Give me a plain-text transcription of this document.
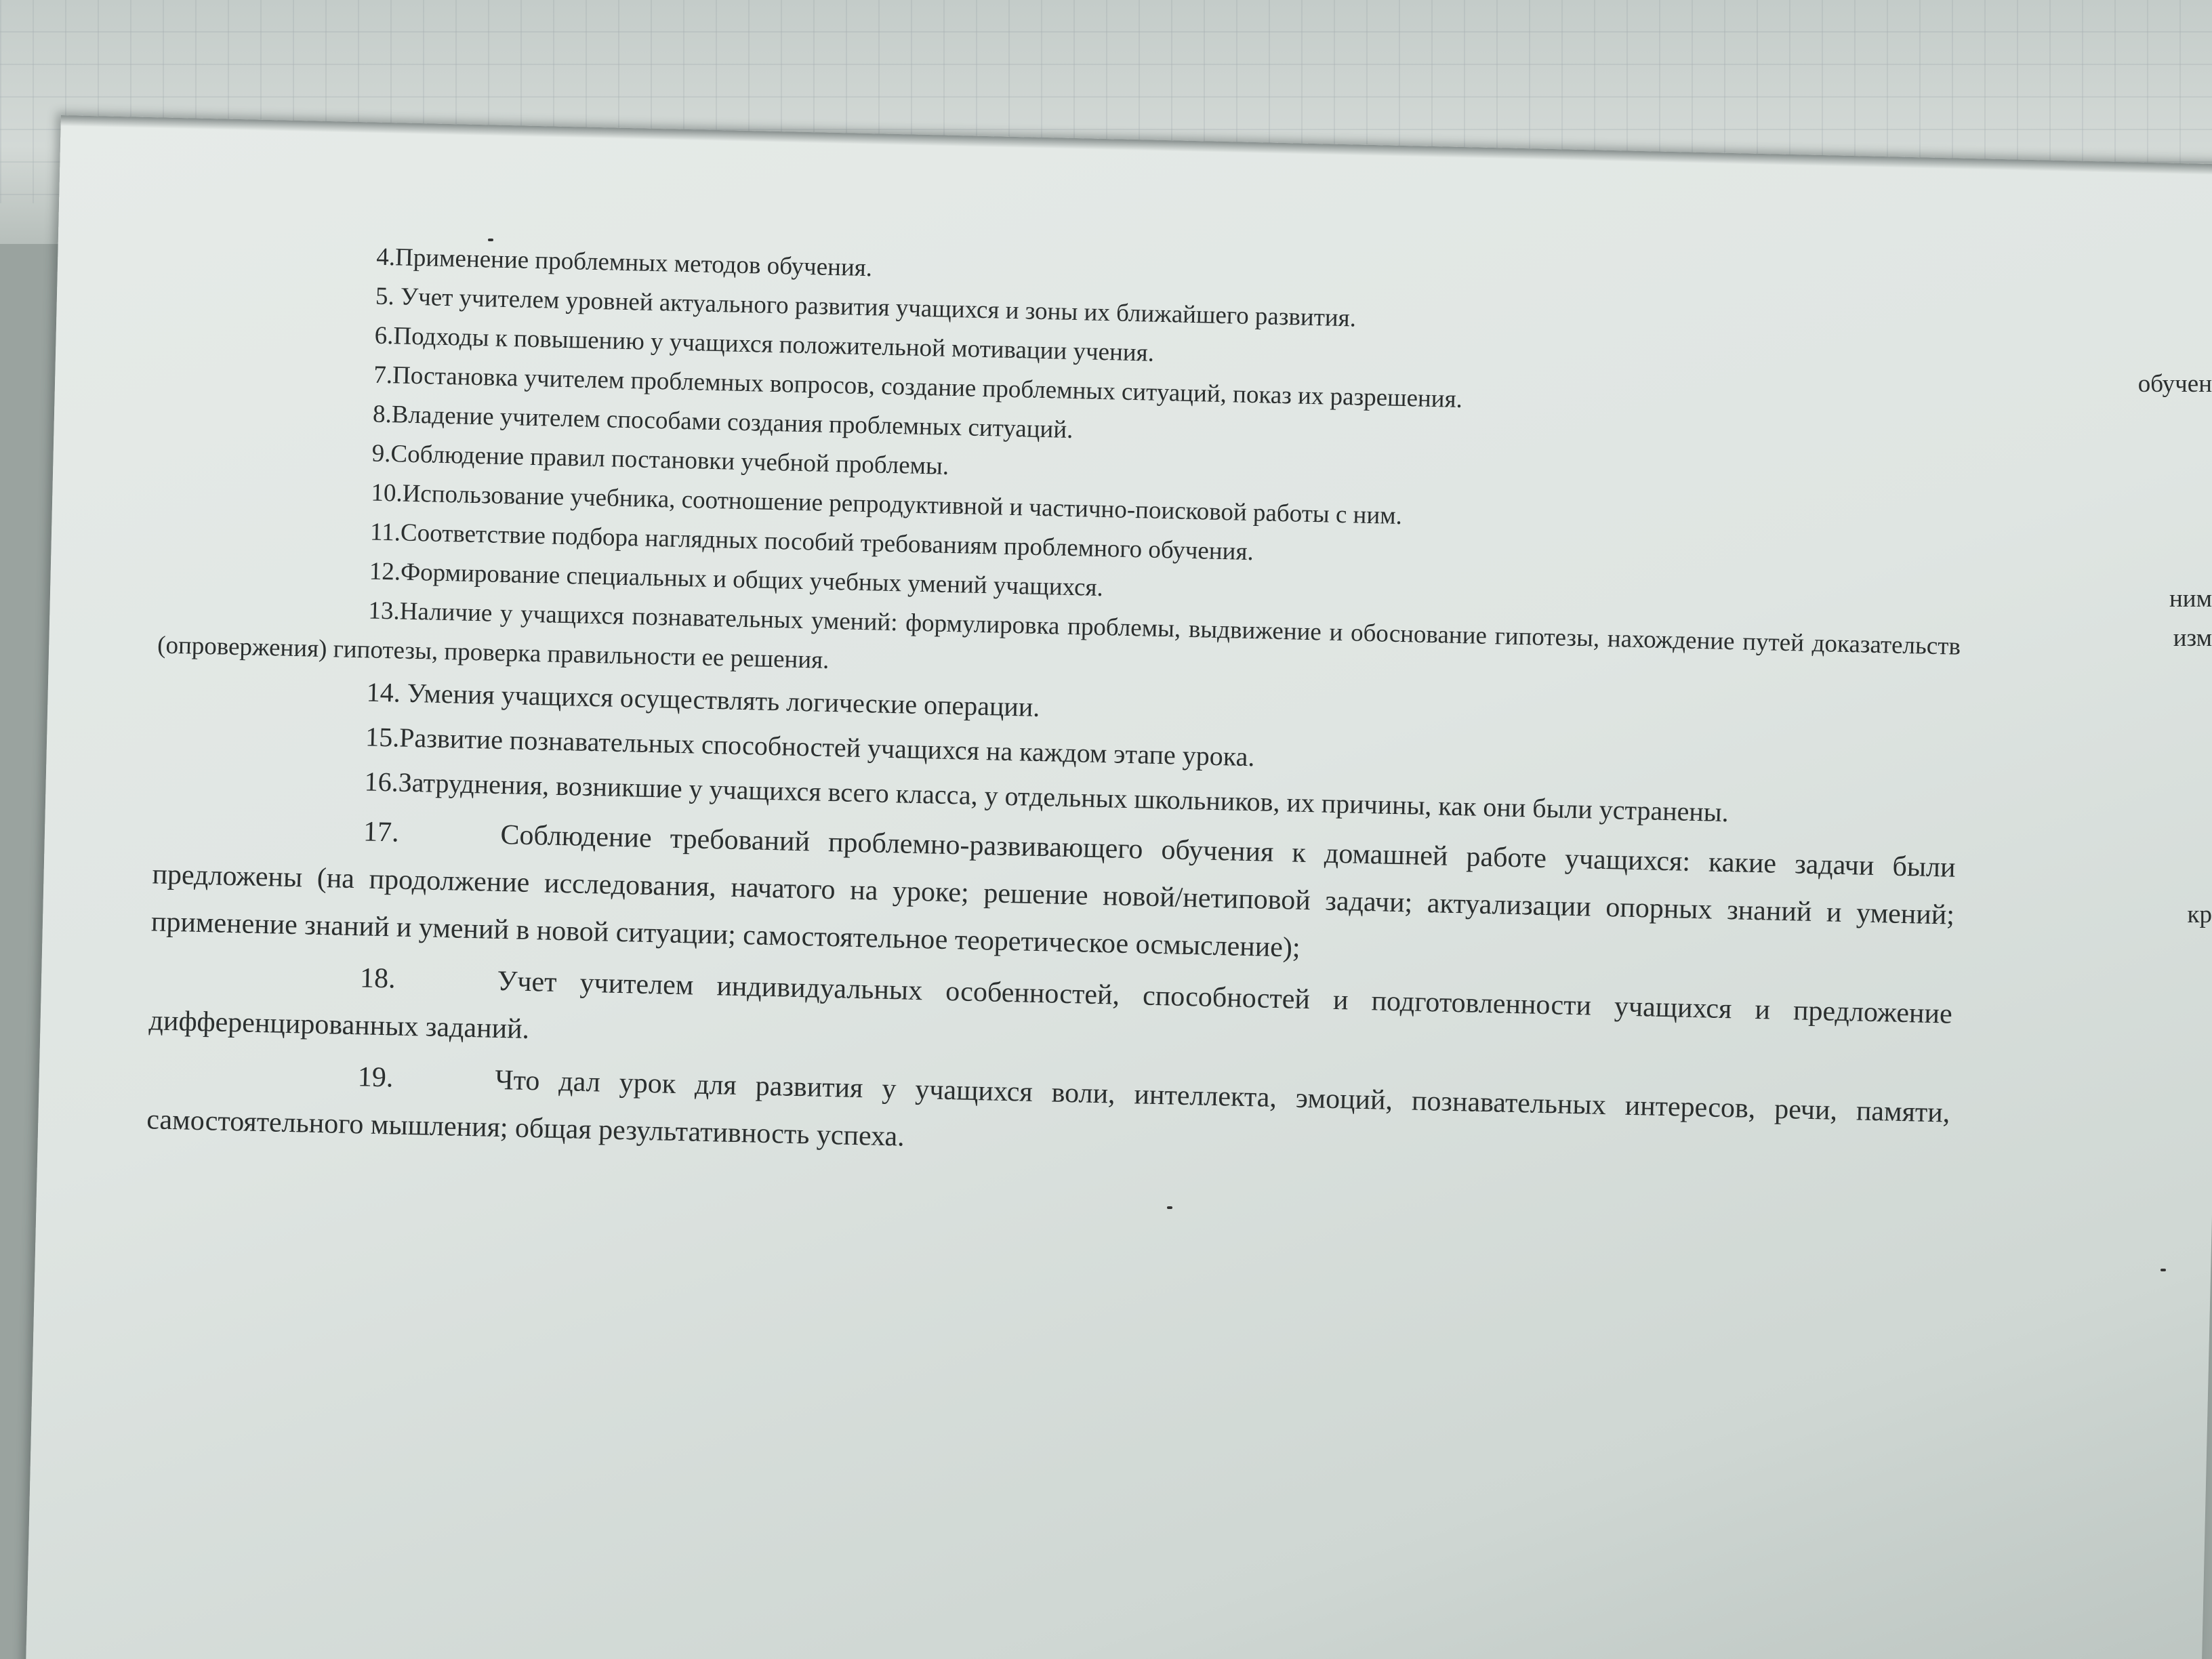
4.Применение проблемных методов обучения.

5. Учет учителем уровней актуального развития учащихся и зоны их ближайшего развития.

6.Подходы к повышению у учащихся положительной мотивации учения.

7.Постановка учителем проблемных вопросов, создание проблемных ситуаций, показ их разрешения.

8.Владение учителем способами создания проблемных ситуаций.

9.Соблюдение правил постановки учебной проблемы.

10.Использование учебника, соотношение репродуктивной и частично-поисковой работы с ним.

11.Соответствие подбора наглядных пособий требованиям проблемного обучения.

12.Формирование специальных и общих учебных умений учащихся.

13.Наличие у учащихся познавательных умений: формулировка проблемы, выдвижение и обоснование гипотезы, нахождение путей доказательств (опровержения) гипотезы, проверка правильности ее решения.

14. Умения учащихся осуществлять логические операции.

15.Развитие познавательных способностей учащихся на каждом этапе урока.

16.Затруднения, возникшие у учащихся всего класса, у отдельных школьников, их причины, как они были устранены.

17.	Соблюдение требований проблемно-развивающего обучения к домашней работе учащихся: какие задачи были предложены (на продолжение исследования, начатого на уроке; решение новой/нетиповой задачи; актуализации опорных знаний и умений; применение знаний и умений в новой ситуации; самостоятельное теоретическое осмысление);

18.	Учет учителем индивидуальных особенностей, способностей и подготовленности учащихся и предложение дифференцированных заданий.

19.	Что дал урок для развития у учащихся воли, интеллекта, эмоций, познавательных интересов, речи, памяти, самостоятельного мышления; общая результативность успеха.

обучен
ним
изм
кр
